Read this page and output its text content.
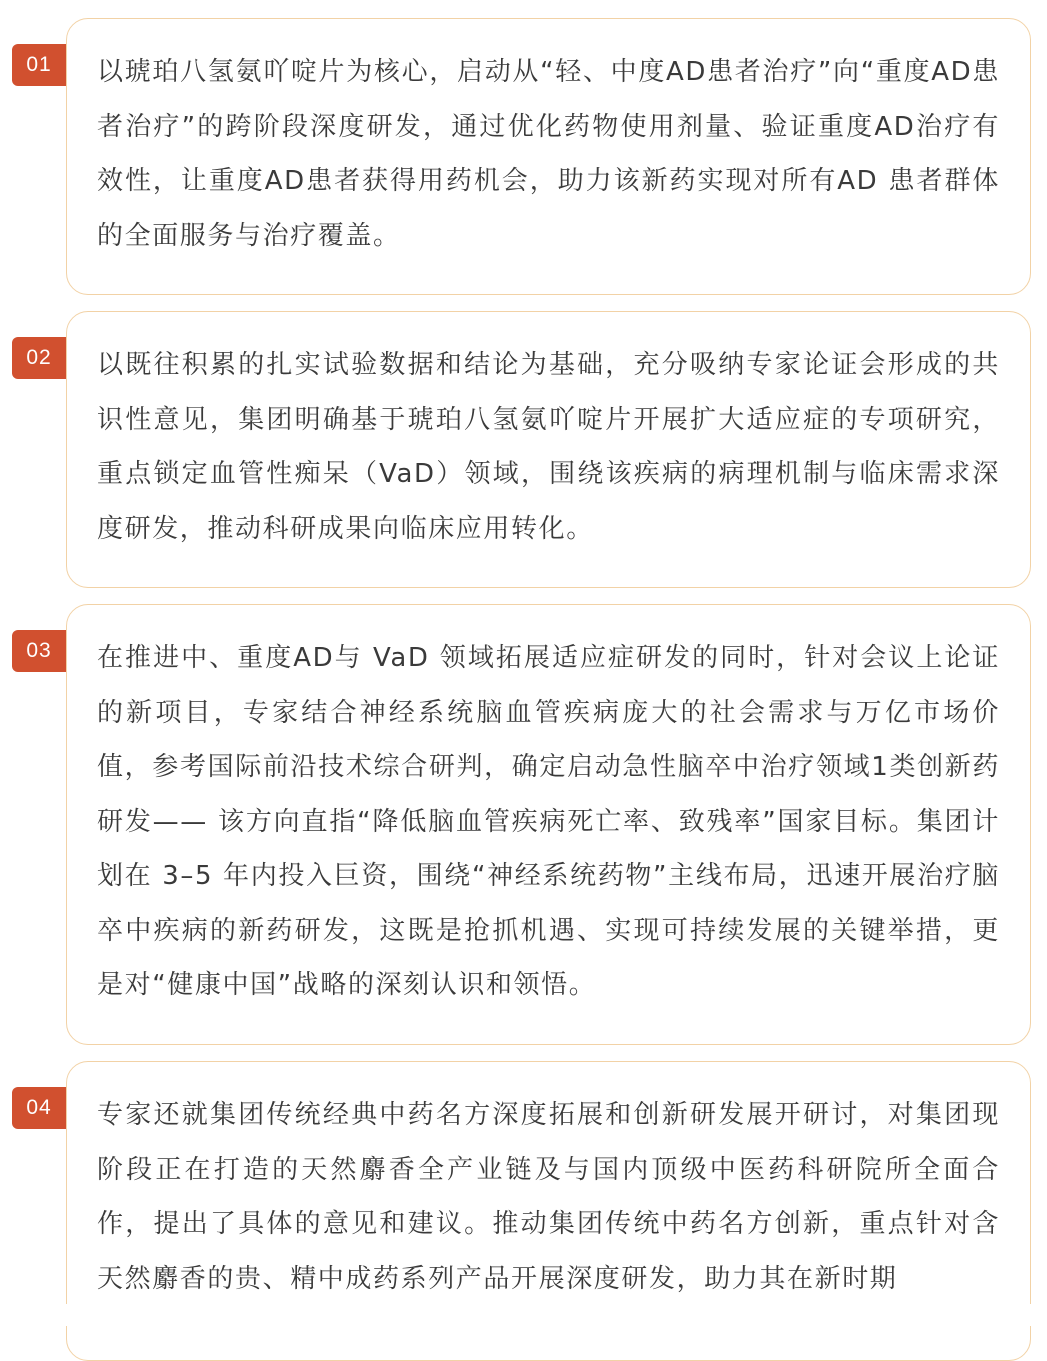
以琥珀八氢氨吖啶片为核心，启动从“轻、中度AD患者治疗”向“重度AD患者治疗”的跨阶段深度研发，通过优化药物使用剂量、验证重度AD治疗有效性，让重度AD患者获得用药机会，助力该新药实现对所有AD 患者群体的全面服务与治疗覆盖。

01

以既往积累的扎实试验数据和结论为基础，充分吸纳专家论证会形成的共识性意见，集团明确基于琥珀八氢氨吖啶片开展扩大适应症的专项研究，重点锁定血管性痴呆（VaD）领域，围绕该疾病的病理机制与临床需求深度研发，推动科研成果向临床应用转化。

02

在推进中、重度AD与 VaD 领域拓展适应症研发的同时，针对会议上论证的新项目，专家结合神经系统脑血管疾病庞大的社会需求与万亿市场价值，参考国际前沿技术综合研判，确定启动急性脑卒中治疗领域1类创新药研发—— 该方向直指“降低脑血管疾病死亡率、致残率”国家目标。集团计划在 3–5 年内投入巨资，围绕“神经系统药物”主线布局，迅速开展治疗脑卒中疾病的新药研发，这既是抢抓机遇、实现可持续发展的关键举措，更是对“健康中国”战略的深刻认识和领悟。

03

专家还就集团传统经典中药名方深度拓展和创新研发展开研讨，对集团现阶段正在打造的天然麝香全产业链及与国内顶级中医药科研院所全面合作，提出了具体的意见和建议。推动集团传统中药名方创新，重点针对含天然麝香的贵、精中成药系列产品开展深度研发，助力其在新时期

04
